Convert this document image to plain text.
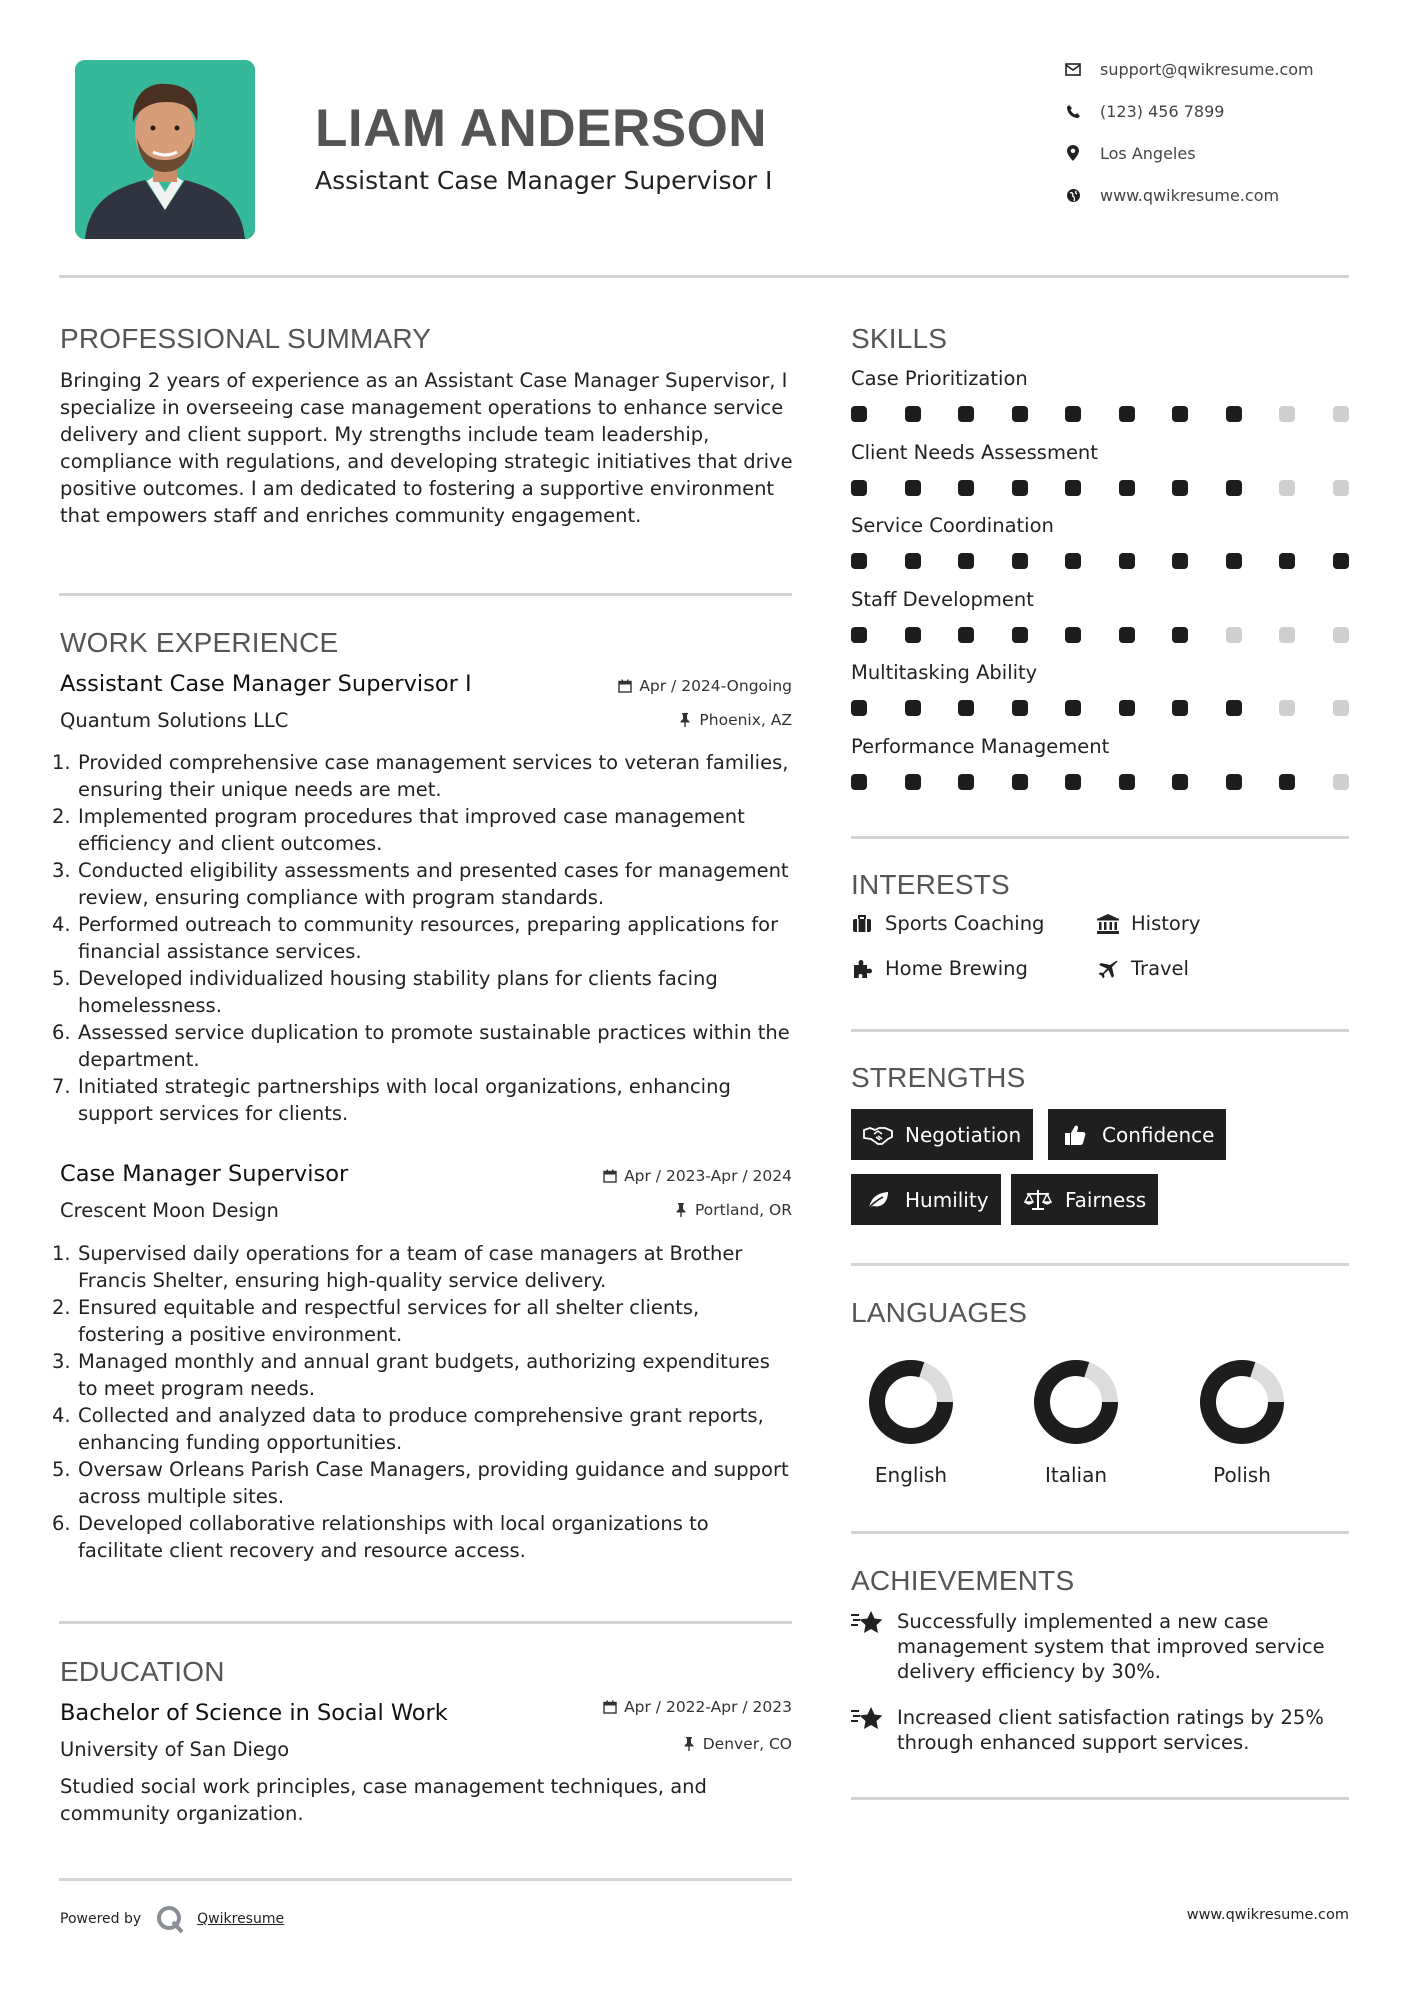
LIAM ANDERSON
Assistant Case Manager Supervisor I
support@qwikresume.com
(123) 456 7899
Los Angeles
www.qwikresume.com
PROFESSIONAL SUMMARY
Bringing 2 years of experience as an Assistant Case Manager Supervisor, I specialize in overseeing case management operations to enhance service delivery and client support. My strengths include team leadership, compliance with regulations, and developing strategic initiatives that drive positive outcomes. I am dedicated to fostering a supportive environment that empowers staff and enriches community engagement.
WORK EXPERIENCE
Assistant Case Manager Supervisor I	Apr / 2024-Ongoing
Quantum Solutions LLC	Phoenix, AZ
1. Provided comprehensive case management services to veteran families, ensuring their unique needs are met.
2. Implemented program procedures that improved case management efficiency and client outcomes.
3. Conducted eligibility assessments and presented cases for management review, ensuring compliance with program standards.
4. Performed outreach to community resources, preparing applications for financial assistance services.
5. Developed individualized housing stability plans for clients facing homelessness.
6. Assessed service duplication to promote sustainable practices within the department.
7. Initiated strategic partnerships with local organizations, enhancing support services for clients.
Case Manager Supervisor	Apr / 2023-Apr / 2024
Crescent Moon Design	Portland, OR
1. Supervised daily operations for a team of case managers at Brother Francis Shelter, ensuring high-quality service delivery.
2. Ensured equitable and respectful services for all shelter clients, fostering a positive environment.
3. Managed monthly and annual grant budgets, authorizing expenditures to meet program needs.
4. Collected and analyzed data to produce comprehensive grant reports, enhancing funding opportunities.
5. Oversaw Orleans Parish Case Managers, providing guidance and support across multiple sites.
6. Developed collaborative relationships with local organizations to facilitate client recovery and resource access.
EDUCATION
Bachelor of Science in Social Work	Apr / 2022-Apr / 2023
University of San Diego	Denver, CO
Studied social work principles, case management techniques, and community organization.
SKILLS
Case Prioritization
Client Needs Assessment
Service Coordination
Staff Development
Multitasking Ability
Performance Management
INTERESTS
Sports Coaching	History
Home Brewing	Travel
STRENGTHS
Negotiation	Confidence
Humility	Fairness
LANGUAGES
English	Italian	Polish
ACHIEVEMENTS
Successfully implemented a new case management system that improved service delivery efficiency by 30%.
Increased client satisfaction ratings by 25% through enhanced support services.
Powered by	Qwikresume	www.qwikresume.com
